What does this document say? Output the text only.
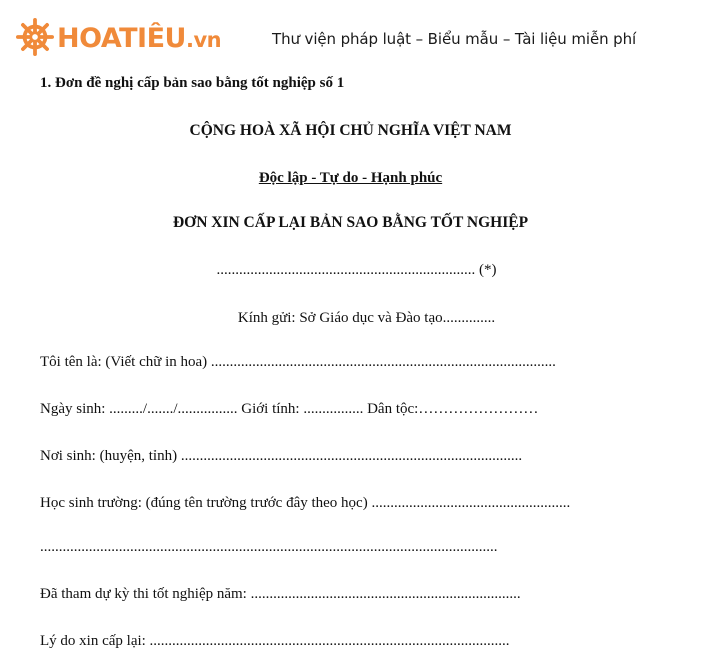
HOATIÊU.vn	Thư viện pháp luật – Biểu mẫu – Tài liệu miễn phí
1. Đơn đề nghị cấp bản sao bằng tốt nghiệp số 1
CỘNG HOÀ XÃ HỘI CHỦ NGHĨA VIỆT NAM
Độc lập - Tự do - Hạnh phúc
ĐƠN XIN CẤP LẠI BẢN SAO BẰNG TỐT NGHIỆP
..................................................................... (*)
Kính gửi: Sở Giáo dục và Đào tạo..............
Tôi tên là: (Viết chữ in hoa) ............................................................................................
Ngày sinh: ........./......./................ Giới tính: ................ Dân tộc:……………………
Nơi sinh: (huyện, tỉnh) ...........................................................................................
Học sinh trường: (đúng tên trường trước đây theo học) .....................................................
..........................................................................................................................
Đã tham dự kỳ thi tốt nghiệp năm: ........................................................................
Lý do xin cấp lại: ................................................................................................
